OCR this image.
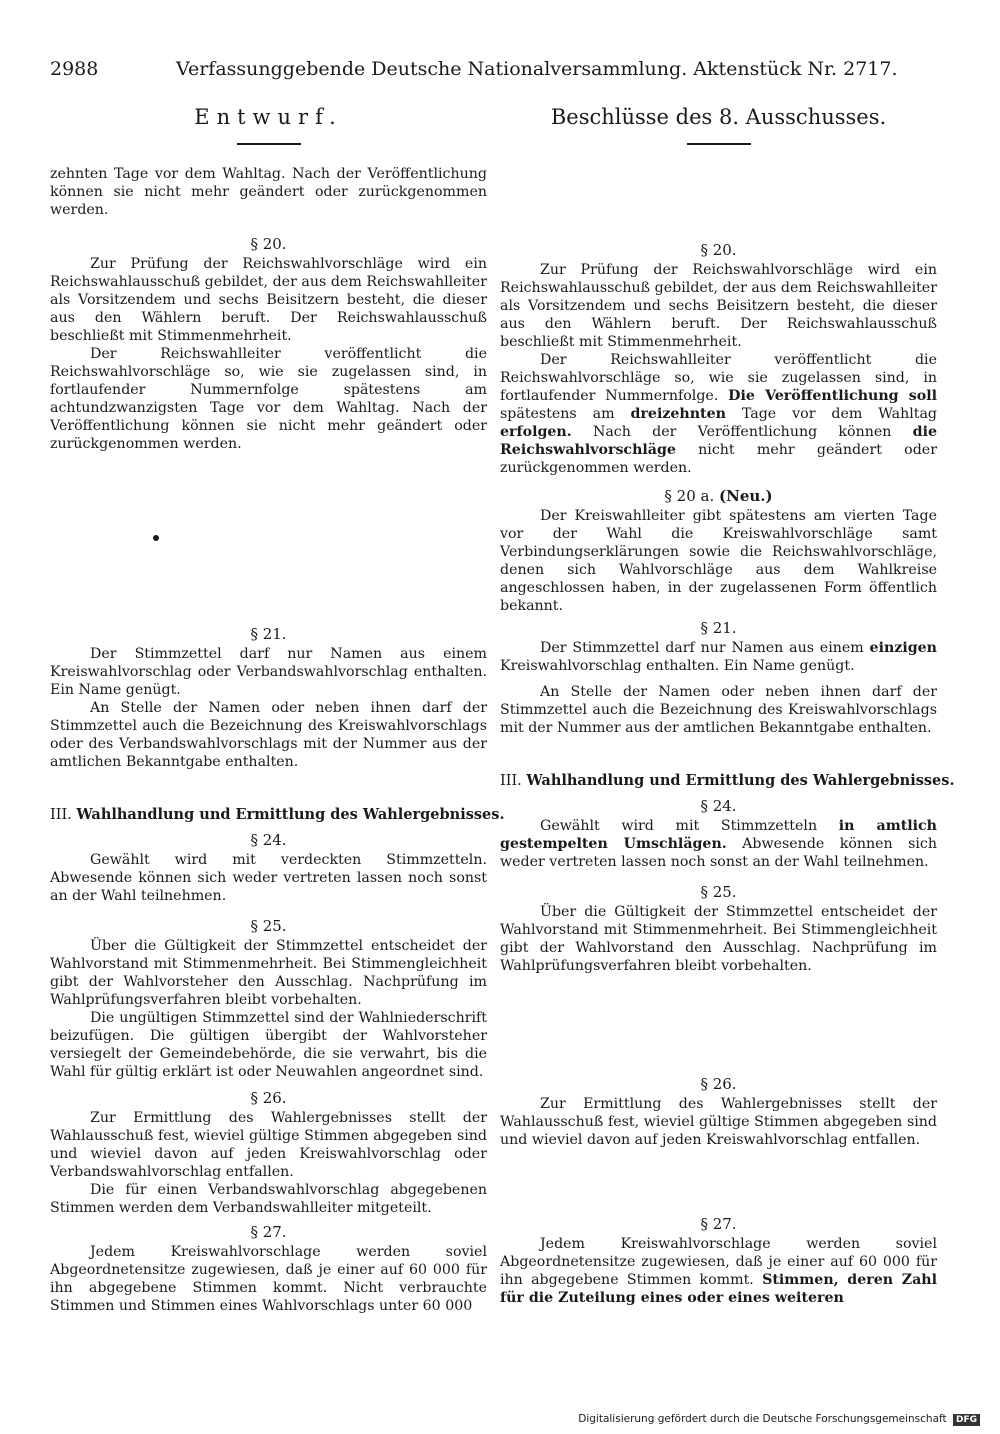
2988	Verfassunggebende Deutsche Nationalversammlung. Aktenstück Nr. 2717.
Entwurf.

zehnten Tage vor dem Wahltag. Nach der Veröffentlichung können sie nicht mehr geändert oder zurückgenommen werden.

§ 20.

Zur Prüfung der Reichswahlvorschläge wird ein Reichswahlausschuß gebildet, der aus dem Reichswahlleiter als Vorsitzendem und sechs Beisitzern besteht, die dieser aus den Wählern beruft. Der Reichswahlausschuß beschließt mit Stimmenmehrheit.

Der Reichswahlleiter veröffentlicht die Reichswahlvorschläge so, wie sie zugelassen sind, in fortlaufender Nummernfolge spätestens am achtundzwanzigsten Tage vor dem Wahltag. Nach der Veröffentlichung können sie nicht mehr geändert oder zurückgenommen werden.

§ 21.

Der Stimmzettel darf nur Namen aus einem Kreiswahlvorschlag oder Verbandswahlvorschlag enthalten. Ein Name genügt.

An Stelle der Namen oder neben ihnen darf der Stimmzettel auch die Bezeichnung des Kreiswahlvorschlags oder des Verbandswahlvorschlags mit der Nummer aus der amtlichen Bekanntgabe enthalten.

III. Wahlhandlung und Ermittlung des Wahlergebnisses.

§ 24.

Gewählt wird mit verdeckten Stimmzetteln. Abwesende können sich weder vertreten lassen noch sonst an der Wahl teilnehmen.

§ 25.

Über die Gültigkeit der Stimmzettel entscheidet der Wahlvorstand mit Stimmenmehrheit. Bei Stimmengleichheit gibt der Wahlvorsteher den Ausschlag. Nachprüfung im Wahlprüfungsverfahren bleibt vorbehalten.

Die ungültigen Stimmzettel sind der Wahlniederschrift beizufügen. Die gültigen übergibt der Wahlvorsteher versiegelt der Gemeindebehörde, die sie verwahrt, bis die Wahl für gültig erklärt ist oder Neuwahlen angeordnet sind.

§ 26.

Zur Ermittlung des Wahlergebnisses stellt der Wahlausschuß fest, wieviel gültige Stimmen abgegeben sind und wieviel davon auf jeden Kreiswahlvorschlag oder Verbandswahlvorschlag entfallen.

Die für einen Verbandswahlvorschlag abgegebenen Stimmen werden dem Verbandswahlleiter mitgeteilt.

§ 27.

Jedem Kreiswahlvorschlage werden soviel Abgeordnetensitze zugewiesen, daß je einer auf 60 000 für ihn abgegebene Stimmen kommt. Nicht verbrauchte Stimmen und Stimmen eines Wahlvorschlags unter 60 000

Beschlüsse des 8. Ausschusses.

§ 20.

Zur Prüfung der Reichswahlvorschläge wird ein Reichswahlausschuß gebildet, der aus dem Reichswahlleiter als Vorsitzendem und sechs Beisitzern besteht, die dieser aus den Wählern beruft. Der Reichswahlausschuß beschließt mit Stimmenmehrheit.

Der Reichswahlleiter veröffentlicht die Reichswahlvorschläge so, wie sie zugelassen sind, in fortlaufender Nummernfolge. Die Veröffentlichung soll spätestens am dreizehnten Tage vor dem Wahltag erfolgen. Nach der Veröffentlichung können die Reichswahlvorschläge nicht mehr geändert oder zurückgenommen werden.

§ 20 a. (Neu.)

Der Kreiswahlleiter gibt spätestens am vierten Tage vor der Wahl die Kreiswahlvorschläge samt Verbindungserklärungen sowie die Reichswahlvorschläge, denen sich Wahlvorschläge aus dem Wahlkreise angeschlossen haben, in der zugelassenen Form öffentlich bekannt.

§ 21.

Der Stimmzettel darf nur Namen aus einem einzigen Kreiswahlvorschlag enthalten. Ein Name genügt.

An Stelle der Namen oder neben ihnen darf der Stimmzettel auch die Bezeichnung des Kreiswahlvorschlags mit der Nummer aus der amtlichen Bekanntgabe enthalten.

III. Wahlhandlung und Ermittlung des Wahlergebnisses.

§ 24.

Gewählt wird mit Stimmzetteln in amtlich gestempelten Umschlägen. Abwesende können sich weder vertreten lassen noch sonst an der Wahl teilnehmen.

§ 25.

Über die Gültigkeit der Stimmzettel entscheidet der Wahlvorstand mit Stimmenmehrheit. Bei Stimmengleichheit gibt der Wahlvorstand den Ausschlag. Nachprüfung im Wahlprüfungsverfahren bleibt vorbehalten.

§ 26.

Zur Ermittlung des Wahlergebnisses stellt der Wahlausschuß fest, wieviel gültige Stimmen abgegeben sind und wieviel davon auf jeden Kreiswahlvorschlag entfallen.

§ 27.

Jedem Kreiswahlvorschlage werden soviel Abgeordnetensitze zugewiesen, daß je einer auf 60 000 für ihn abgegebene Stimmen kommt. Stimmen, deren Zahl für die Zuteilung eines oder eines weiteren

Digitalisierung gefördert durch die Deutsche Forschungsgemeinschaft DFG
